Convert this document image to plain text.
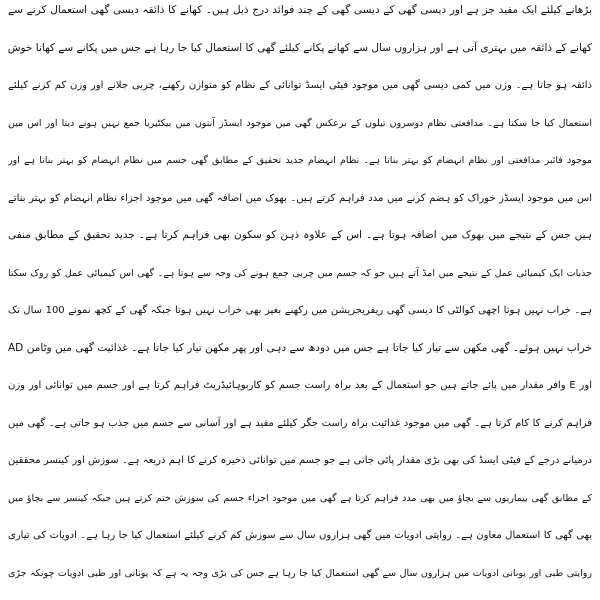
بڑھانے کیلئے ایک مفید جز ہے اور دیسی گھی کے دیسی گھی کے چند فوائد درج ذیل ہیں۔ کھانے کا ذائقہ دیسی گھی استعمال کرنے سے
کھانے کے ذائقہ میں بہتری آتی ہے اور ہزاروں سال سے کھانے پکانے کیلئے گھی کا استعمال کیا جا رہا ہے جس میں پکانے سے کھانا خوش
ذائقہ ہو جاتا ہے۔ وزن میں کمی دیسی گھی میں موجود فیٹی ایسڈ توانائی کے نظام کو متوازن رکھنے، چربی جلانے اور وزن کم کرنے کیلئے
استعمال کیا جا سکتا ہے۔ مدافعتی نظام دوسروں تیلوں کے برعکس گھی میں موجود ایسڈز آنتوں میں بیکٹیریا جمع نہیں ہونے دیتا اور اس میں
موجود فائبر مدافعتی اور نظام انہضام کو بہتر بناتا ہے۔ نظام انہضام جدید تحقیق کے مطابق گھی جسم میں نظام انہضام کو بہتر بناتا ہے اور
اس میں موجود ایسڈز خوراک کو ہضم کرنے میں مدد فراہم کرتے ہیں۔ بھوک میں اضافہ گھی میں موجود اجزاء نظام انہضام کو بہتر بناتے
ہیں جس کے نتیجے میں بھوک میں اضافہ ہوتا ہے۔ اس کے علاوہ ذہن کو سکون بھی فراہم کرتا ہے۔ جدید تحقیق کے مطابق منفی
جذبات ایک کیمیائی عمل کے نتیجے میں امڈ آتے ہیں جو کہ جسم میں چربی جمع ہونے کی وجہ سے ہوتا ہے۔ گھی اس کیمیائی عمل کو روک سکتا
ہے۔ خراب نہیں ہوتا اچھی کوالٹی کا دیسی گھی ریفریجریشن میں رکھنے بغیر بھی خراب نہیں ہوتا جبکہ گھی کے کچھ نمونے 100 سال تک
خراب نہیں ہوئے۔ گھی مکھن سے تیار کیا جاتا ہے جس میں دودھ سے دہی اور پھر مکھن تیار کیا جاتا ہے۔ غذائیت گھی میں وٹامن AD
اور E وافر مقدار میں پائے جاتے ہیں جو استعمال کے بعد براہ راست جسم کو کاربوہائیڈریٹ فراہم کرتا ہے اور جسم میں توانائی اور وزن
فراہم کرنے کا کام کرتا ہے۔ گھی میں موجود غذائیت براہ راست جگر کیلئے مفید ہے اور آسانی سے جسم میں جذب ہو جاتی ہے۔ گھی میں
درمیانے درجے کے فیٹی ایسڈ کی بھی بڑی مقدار پائی جاتی ہے جو جسم میں توانائی ذخیرہ کرنے کا اہم ذریعہ ہے۔ سوزش اور کینسر محققین
کے مطابق گھی بیماریوں سے بچاؤ میں بھی مدد فراہم کرتا ہے گھی میں موجود اجزاء جسم کی سوزش ختم کرتے ہیں جبکہ کینسر سے بچاؤ میں
بھی گھی کا استعمال معاون ہے۔ روایتی ادویات میں گھی ہزاروں سال سے سوزش کم کرنے کیلئے استعمال کیا جا رہا ہے۔ ادویات کی تیاری
روایتی طبی اور یونانی ادویات میں ہزاروں سال سے گھی استعمال کیا جا رہا ہے جس کی بڑی وجہ یہ ہے کہ یونانی اور طبی ادویات چونکہ جڑی
